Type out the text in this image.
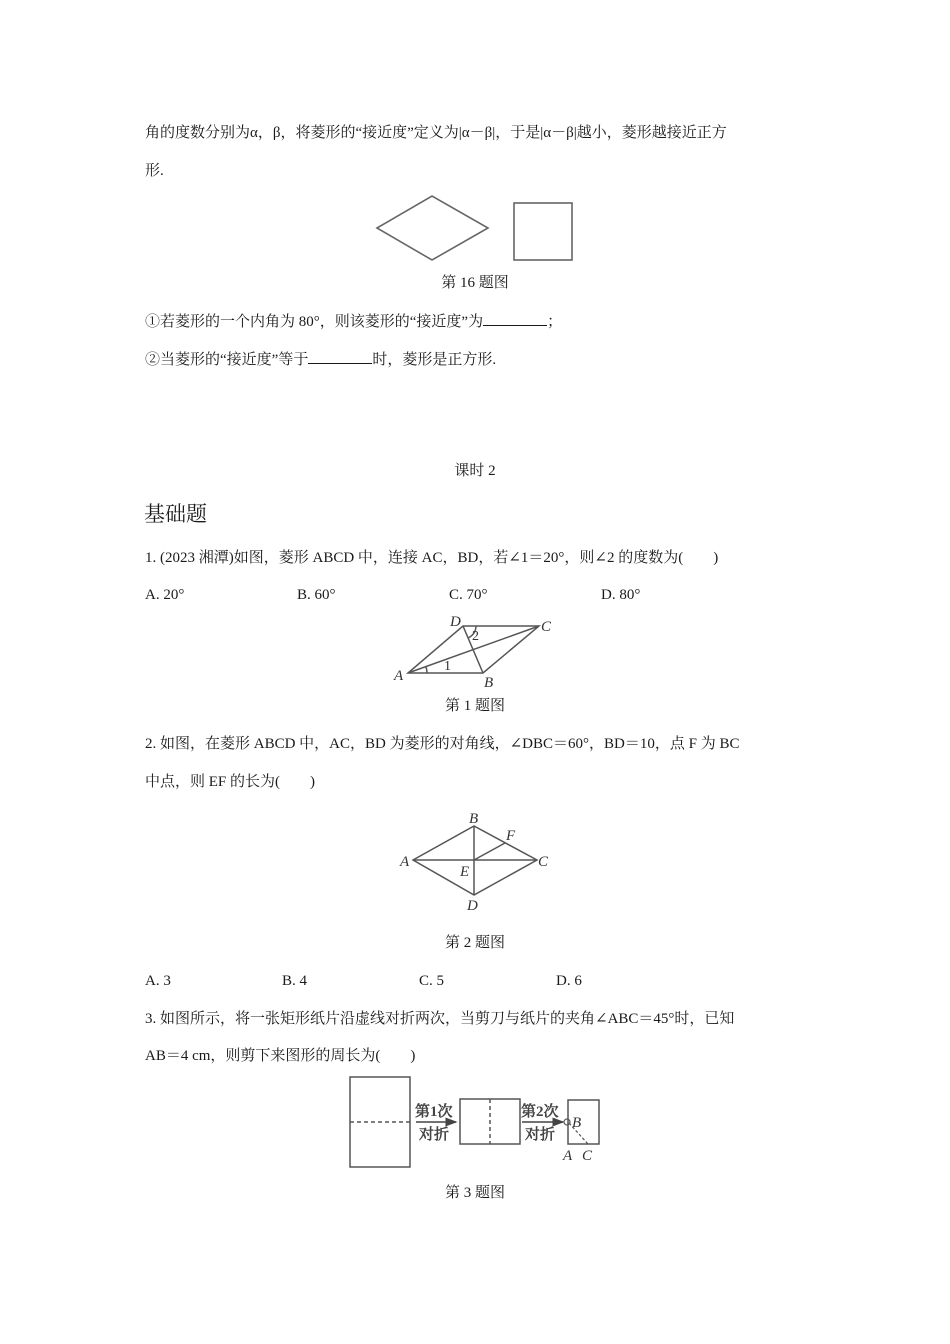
角的度数分别为α，β，将菱形的“接近度”定义为|α－β|，于是|α－β|越小，菱形越接近正方
形.
第 16 题图
①若菱形的一个内角为 80°，则该菱形的“接近度”为	；
②当菱形的“接近度”等于	时，菱形是正方形.
课时 2
基础题
1. (2023 湘潭)如图，菱形 ABCD 中，连接 AC，BD，若∠1＝20°，则∠2 的度数为(　　)
A. 20°	B. 60°	C. 70°	D. 80°
A	B
C
D
1
2
第 1 题图
2. 如图，在菱形 ABCD 中，AC，BD 为菱形的对角线，∠DBC＝60°，BD＝10，点 F 为 BC
中点，则 EF 的长为(　　)
A
B
C
D
E
F
第 2 题图
A. 3	B. 4	C. 5	D. 6
3. 如图所示，将一张矩形纸片沿虚线对折两次，当剪刀与纸片的夹角∠ABC＝45°时，已知
AB＝4 cm，则剪下来图形的周长为(　　)
第1次
对折
第2次
对折
B
A C
第 3 题图
